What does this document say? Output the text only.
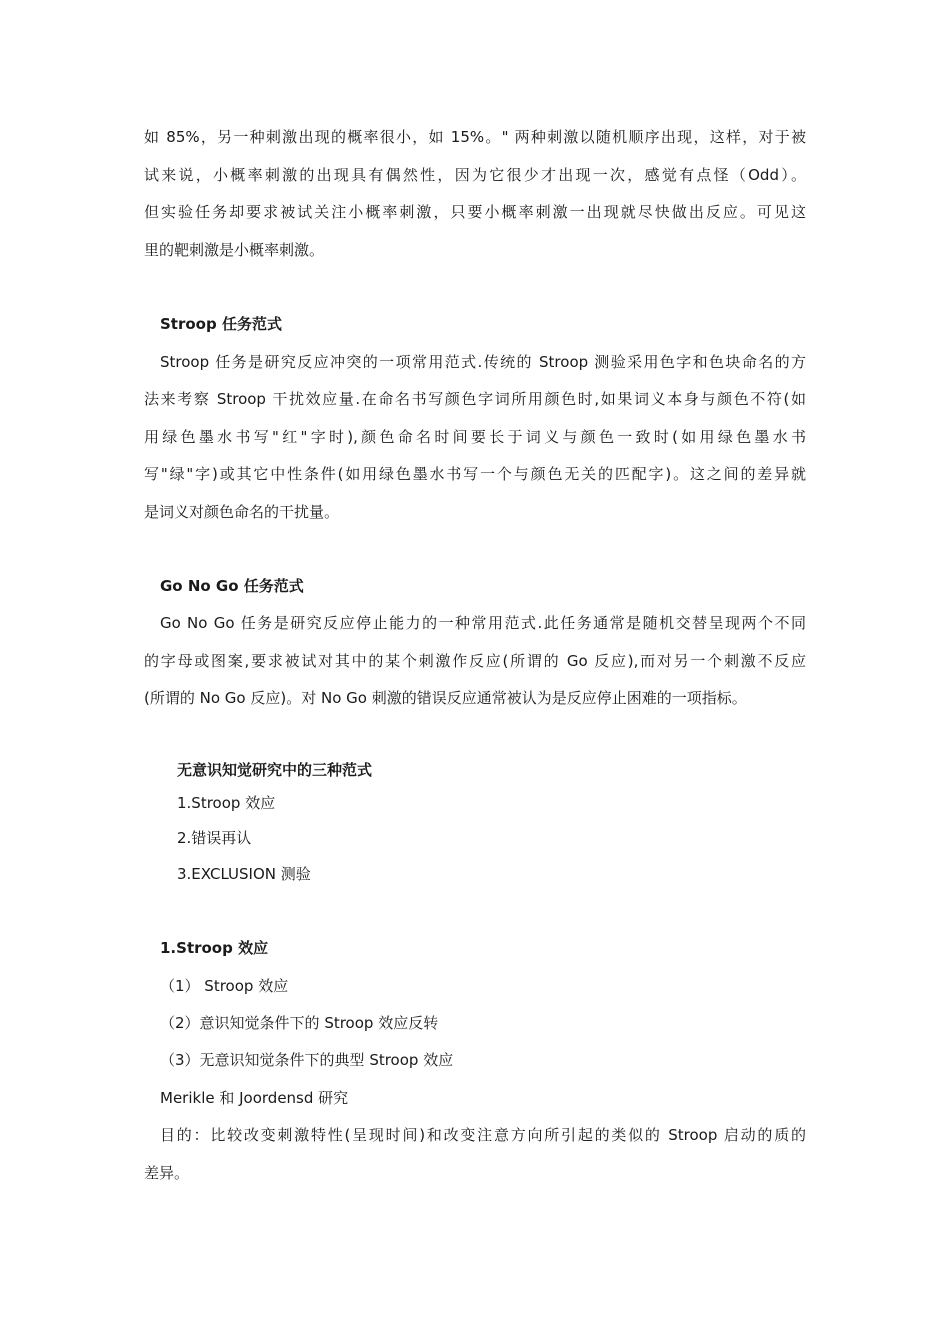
如 85%，另一种刺激出现的概率很小，如 15%。" 两种刺激以随机顺序出现，这样，对于被

试来说，小概率刺激的出现具有偶然性，因为它很少才出现一次，感觉有点怪（Odd）。

但实验任务却要求被试关注小概率刺激，只要小概率刺激一出现就尽快做出反应。可见这

里的靶刺激是小概率刺激。

Stroop 任务范式

Stroop 任务是研究反应冲突的一项常用范式.传统的 Stroop 测验采用色字和色块命名的方

法来考察 Stroop 干扰效应量.在命名书写颜色字词所用颜色时,如果词义本身与颜色不符(如

用绿色墨水书写"红"字时),颜色命名时间要长于词义与颜色一致时(如用绿色墨水书

写"绿"字)或其它中性条件(如用绿色墨水书写一个与颜色无关的匹配字)。这之间的差异就

是词义对颜色命名的干扰量。

Go No Go 任务范式

Go No Go 任务是研究反应停止能力的一种常用范式.此任务通常是随机交替呈现两个不同

的字母或图案,要求被试对其中的某个刺激作反应(所谓的 Go 反应),而对另一个刺激不反应

(所谓的 No Go 反应)。对 No Go 刺激的错误反应通常被认为是反应停止困难的一项指标。

无意识知觉研究中的三种范式

1.Stroop 效应

2.错误再认

3.EXCLUSION 测验

1.Stroop 效应

（1） Stroop 效应

（2）意识知觉条件下的 Stroop 效应反转

（3）无意识知觉条件下的典型 Stroop 效应

Merikle 和 Joordensd 研究

目的：比较改变刺激特性(呈现时间)和改变注意方向所引起的类似的 Stroop 启动的质的

差异。
